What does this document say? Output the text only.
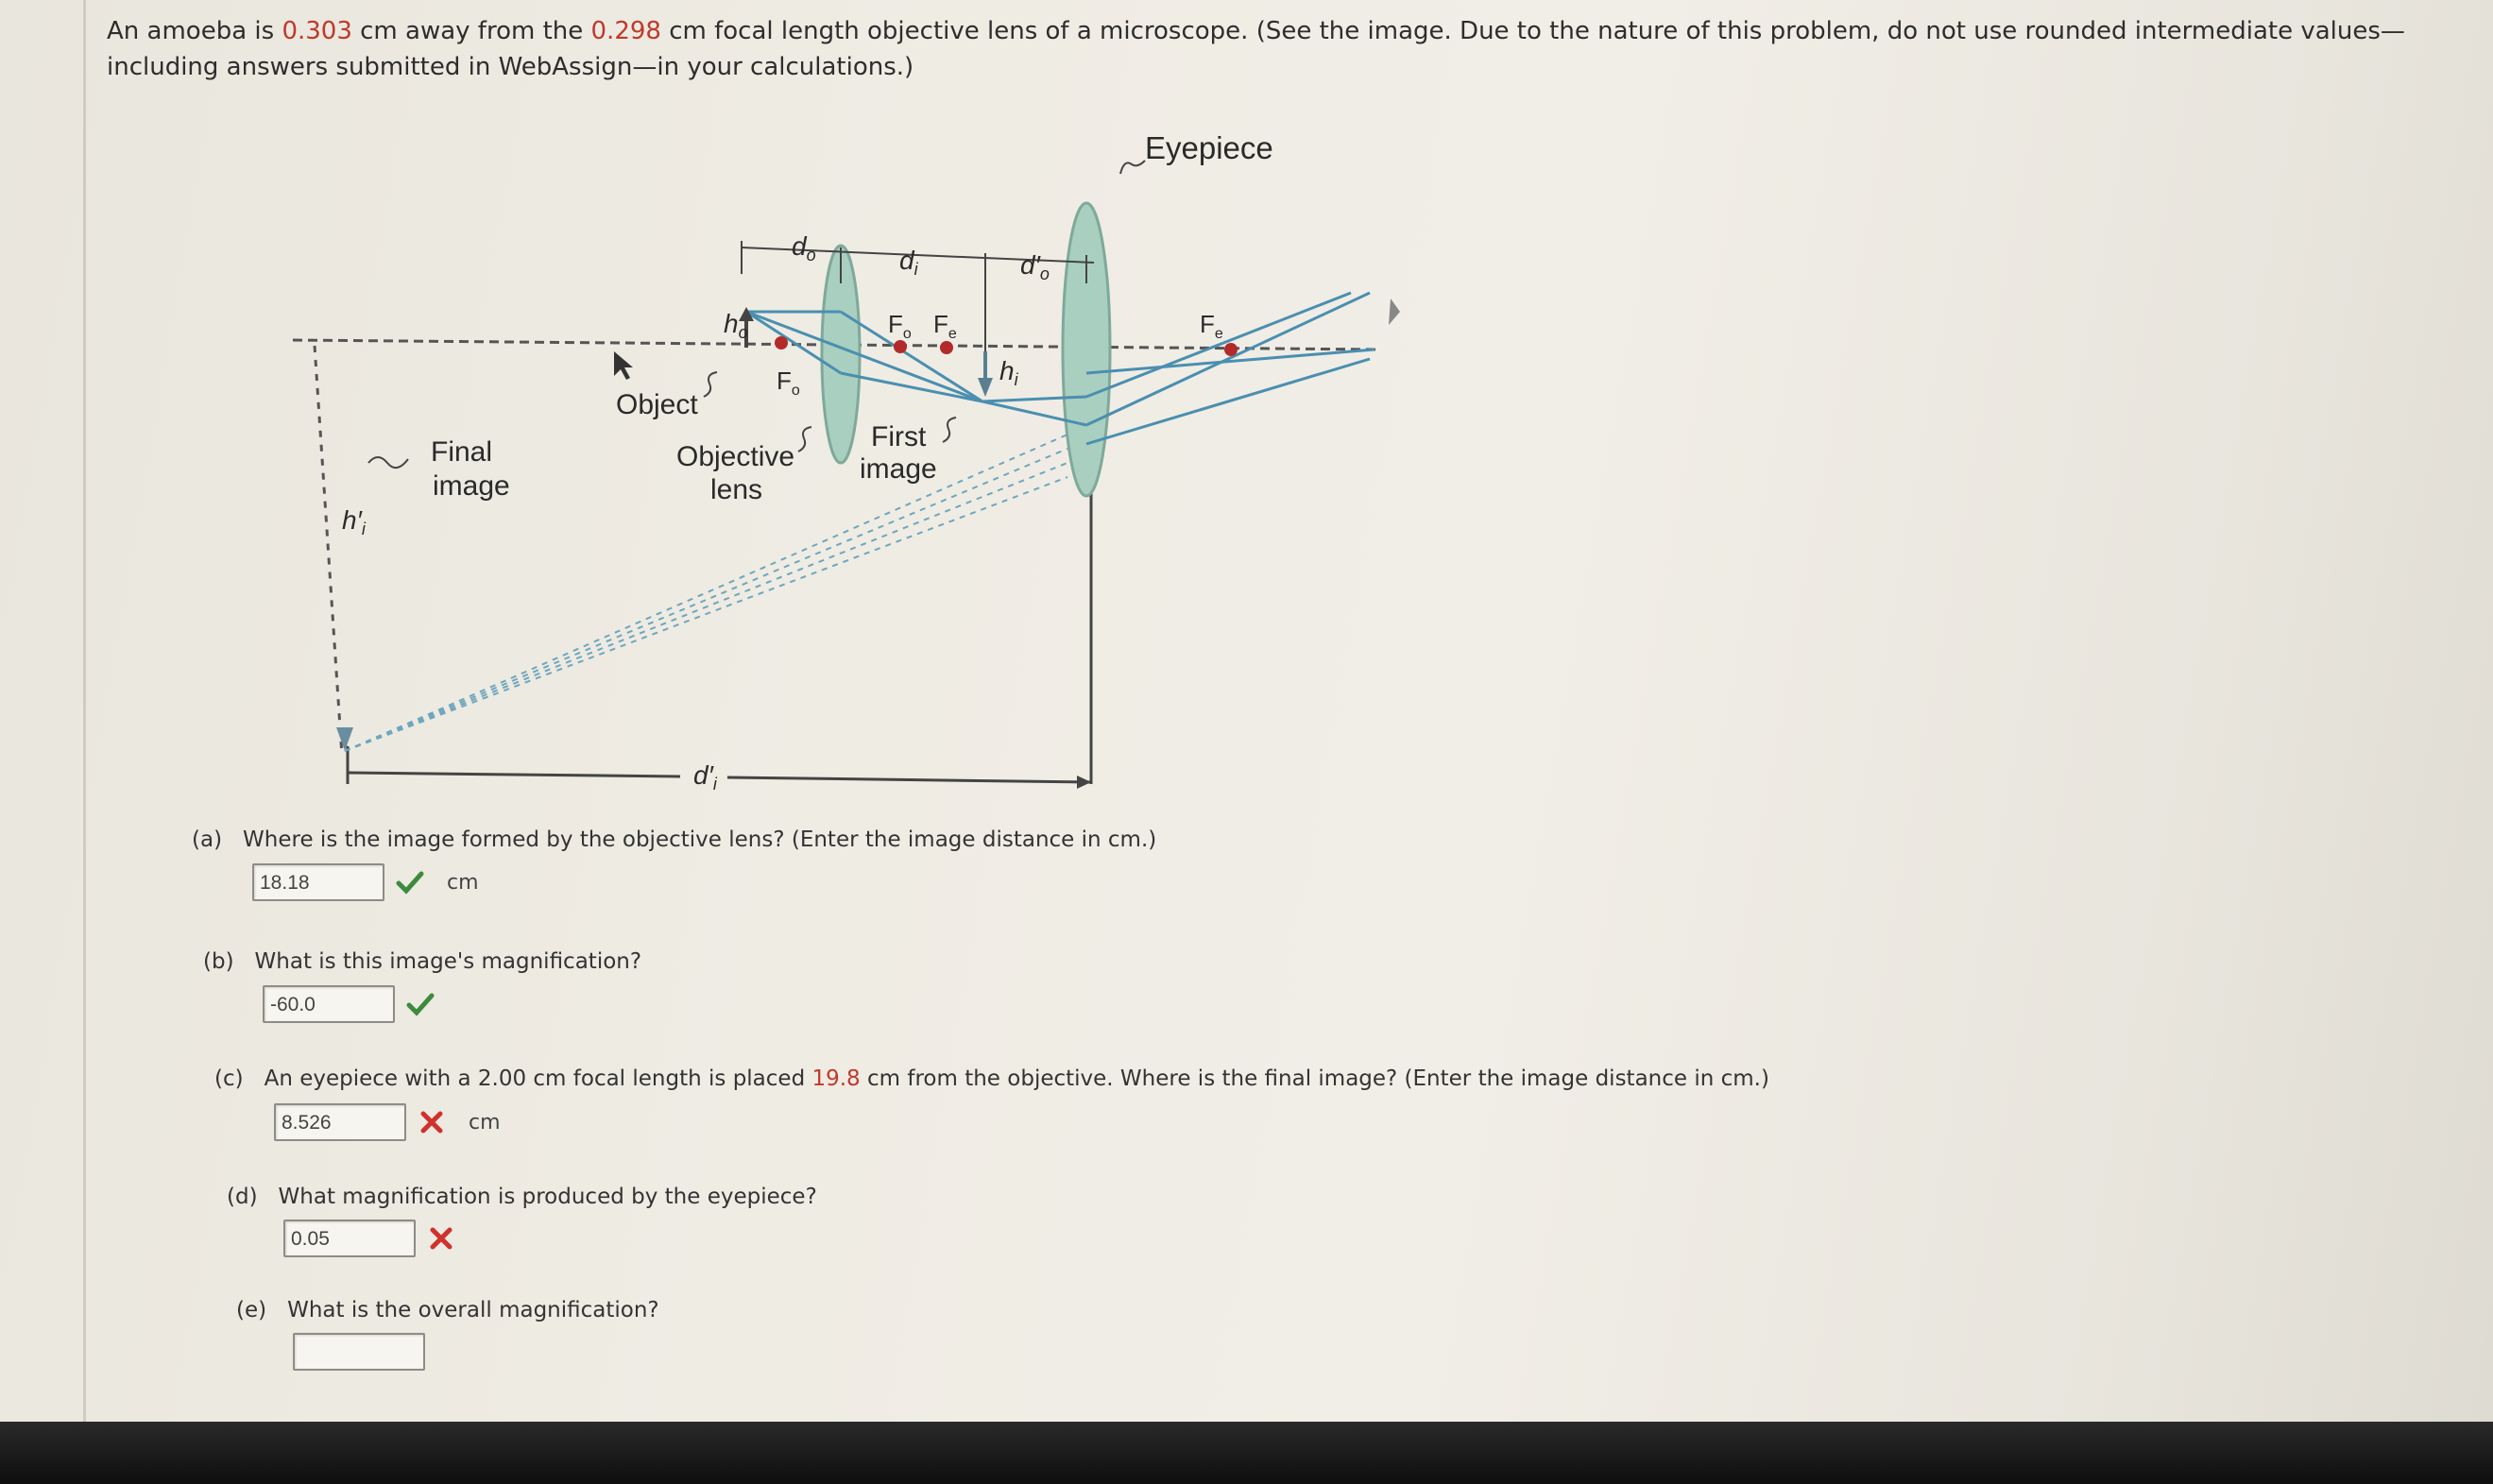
An amoeba is 0.303 cm away from the 0.298 cm focal length objective lens of a microscope. (See the image. Due to the nature of this problem, do not use rounded intermediate values—including answers submitted in WebAssign—in your calculations.)
Eyepiece
Object
Objective
lens
First
image
Final
image
$d_o$	$d_i$	$d'_o$
$d'_i$
$h_o$
$h_i$
$h'_i$
$F_o$
$F_o$ $F_e$	$F_e$
(a) Where is the image formed by the objective lens? (Enter the image distance in cm.)
18.18	cm
(b) What is this image's magnification?
-60.0
(c) An eyepiece with a 2.00 cm focal length is placed 19.8 cm from the objective. Where is the final image? (Enter the image distance in cm.)
8.526	cm
(d) What magnification is produced by the eyepiece?
0.05
(e) What is the overall magnification?
